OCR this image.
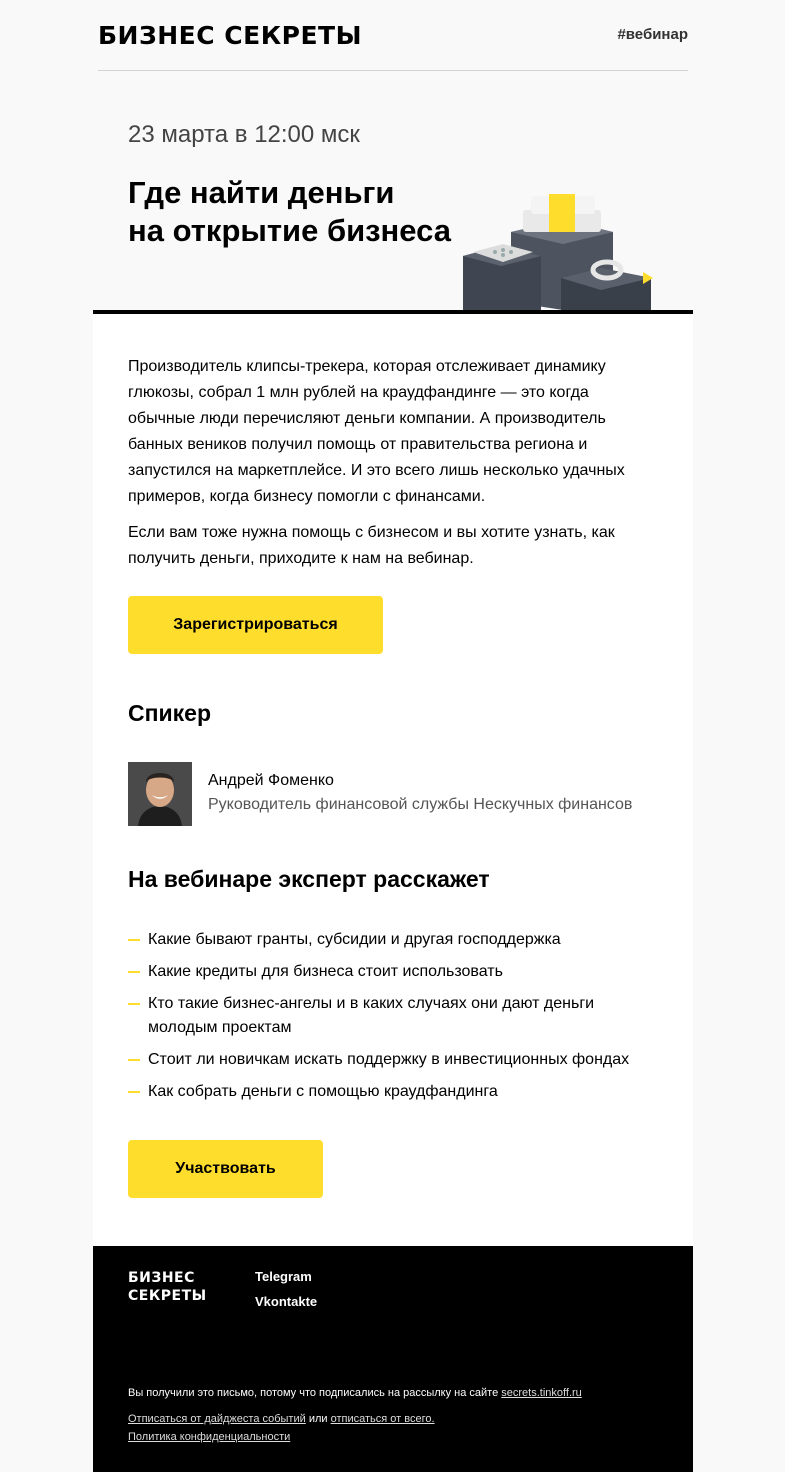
БИЗНЕС СЕКРЕТЫ	#вебинар
23 марта в 12:00 мск
Где найти деньги
на открытие бизнеса

Производитель клипсы-трекера, которая отслеживает динамику глюкозы, собрал 1 млн рублей на краудфандинге — это когда обычные люди перечисляют деньги компании. А производитель банных веников получил помощь от правительства региона и запустился на маркетплейсе. И это всего лишь несколько удачных примеров, когда бизнесу помогли с финансами.

Если вам тоже нужна помощь с бизнесом и вы хотите узнать, как получить деньги, приходите к нам на вебинар.

Зарегистрироваться
Спикер
Андрей Фоменко
Руководитель финансовой службы Нескучных финансов
На вебинаре эксперт расскажет
Какие бывают гранты, субсидии и другая господдержка
Какие кредиты для бизнеса стоит использовать
Кто такие бизнес-ангелы и в каких случаях они дают деньги молодым проектам
Стоит ли новичкам искать поддержку в инвестиционных фондах
Как собрать деньги с помощью краудфандинга
Участвовать
БИЗНЕС
СЕКРЕТЫ
Telegram
Vkontakte
Вы получили это письмо, потому что подписались на рассылку на сайте secrets.tinkoff.ru
Отписаться от дайджеста событий или отписаться от всего.
Политика конфиденциальности
